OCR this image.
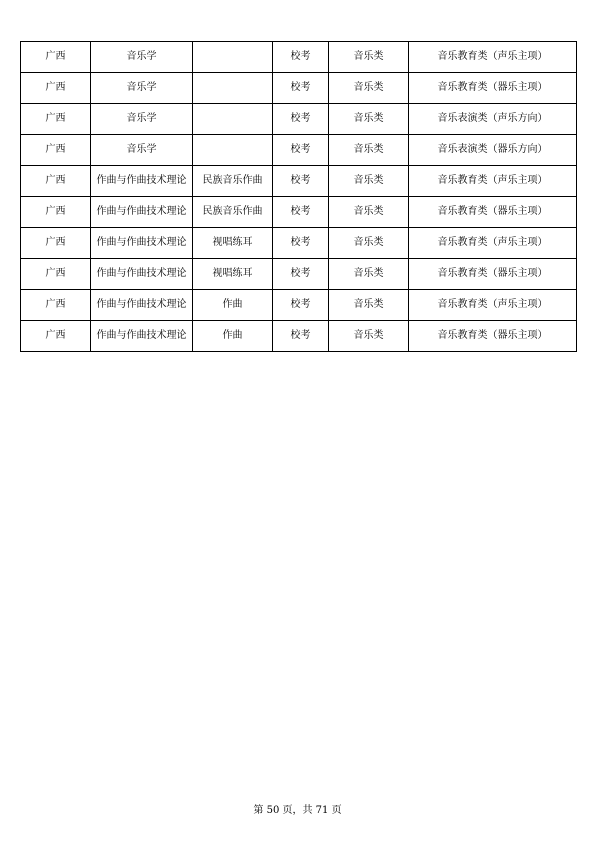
广西	音乐学		校考	音乐类	音乐教育类（声乐主项）
广西	音乐学		校考	音乐类	音乐教育类（器乐主项）
广西	音乐学		校考	音乐类	音乐表演类（声乐方向）
广西	音乐学		校考	音乐类	音乐表演类（器乐方向）
广西	作曲与作曲技术理论	民族音乐作曲	校考	音乐类	音乐教育类（声乐主项）
广西	作曲与作曲技术理论	民族音乐作曲	校考	音乐类	音乐教育类（器乐主项）
广西	作曲与作曲技术理论	视唱练耳	校考	音乐类	音乐教育类（声乐主项）
广西	作曲与作曲技术理论	视唱练耳	校考	音乐类	音乐教育类（器乐主项）
广西	作曲与作曲技术理论	作曲	校考	音乐类	音乐教育类（声乐主项）
广西	作曲与作曲技术理论	作曲	校考	音乐类	音乐教育类（器乐主项）
第 50 页，共 71 页
